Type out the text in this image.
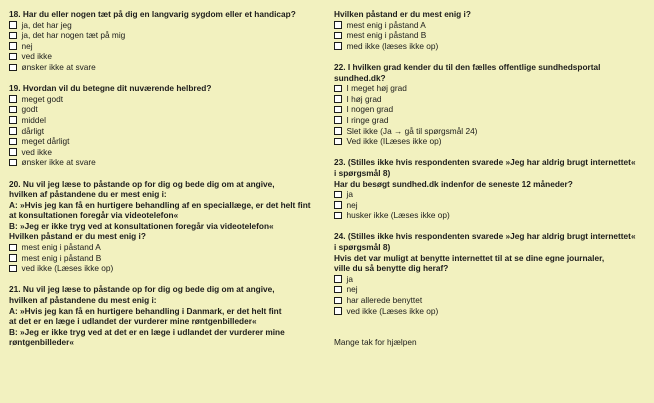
18. Har du eller nogen tæt på dig en langvarig sygdom eller et handicap?

ja, det har jeg
ja, det har nogen tæt på mig
nej
ved ikke
ønsker ikke at svare

19. Hvordan vil du betegne dit nuværende helbred?

meget godt
godt
middel
dårligt
meget dårligt
ved ikke
ønsker ikke at svare

20. Nu vil jeg læse to påstande op for dig og bede dig om at angive,
hvilken af påstandene du er mest enig i:

A: »Hvis jeg kan få en hurtigere behandling af en speciallæge, er det helt fint
at konsultationen foregår via videotelefon«

B: »Jeg er ikke tryg ved at konsultationen foregår via videotelefon«

Hvilken påstand er du mest enig i?

mest enig i påstand A
mest enig i påstand B
ved ikke (Læses ikke op)

21. Nu vil jeg læse to påstande op for dig og bede dig om at angive,
hvilken af påstandene du mest enig i:

A: »Hvis jeg kan få en hurtigere behandling i Danmark, er det helt fint
at det er en læge i udlandet der vurderer mine røntgenbilleder«

B: »Jeg er ikke tryg ved at det er en læge i udlandet der vurderer mine
røntgenbilleder«

Hvilken påstand er du mest enig i?

mest enig i påstand A
mest enig i påstand B
med ikke (læses ikke op)

22. I hvilken grad kender du til den fælles offentlige sundhedsportal
sundhed.dk?

I meget høj grad
I høj grad
I nogen grad
I ringe grad
Slet ikke (Ja → gå til spørgsmål 24)
Ved ikke (ILæses ikke op)

23. (Stilles ikke hvis respondenten svarede »Jeg har aldrig brugt internettet«
i spørgsmål 8)

Har du besøgt sundhed.dk indenfor de seneste 12 måneder?

ja
nej
husker ikke (Læses ikke op)

24. (Stilles ikke hvis respondenten svarede »Jeg har aldrig brugt internettet«
i spørgsmål 8)

Hvis det var muligt at benytte internettet til at se dine egne journaler,
ville du så benytte dig heraf?

ja
nej
har allerede benyttet
ved ikke (Læses ikke op)

Mange tak for hjælpen
